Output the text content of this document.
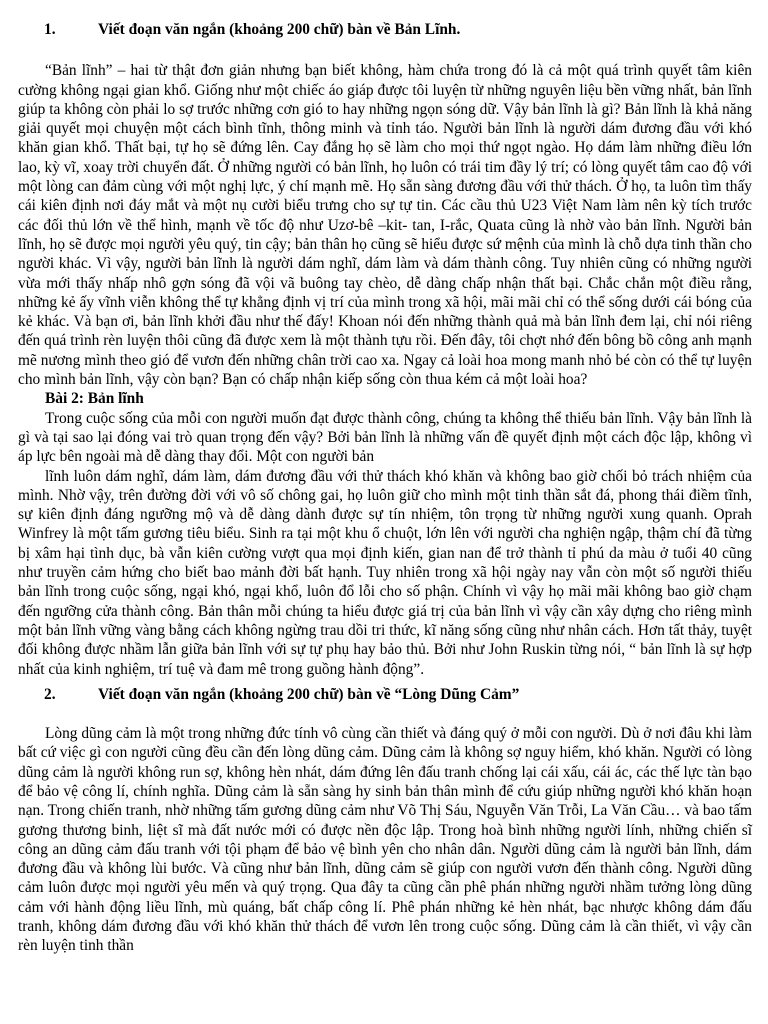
1.	Viết đoạn văn ngắn (khoảng 200 chữ) bàn về Bản Lĩnh.

“Bản lĩnh” – hai từ thật đơn giản nhưng bạn biết không, hàm chứa trong đó là cả một quá trình quyết tâm kiên cường không ngại gian khổ. Giống như một chiếc áo giáp được tôi luyện từ những nguyên liệu bền vững nhất, bản lĩnh giúp ta không còn phải lo sợ trước những cơn gió to hay những ngọn sóng dữ. Vậy bản lĩnh là gì? Bản lĩnh là khả năng giải quyết mọi chuyện một cách bình tĩnh, thông minh và tỉnh táo. Người bản lĩnh là người dám đương đầu với khó khăn gian khổ. Thất bại, tự họ sẽ đứng lên. Cay đắng họ sẽ làm cho mọi thứ ngọt ngào. Họ dám làm những điều lớn lao, kỳ vĩ, xoay trời chuyển đất. Ở những người có bản lĩnh, họ luôn có trái tim đầy lý trí; có lòng quyết tâm cao độ với một lòng can đảm cùng với một nghị lực, ý chí mạnh mẽ. Họ sẵn sàng đương đầu với thử thách. Ở họ, ta luôn tìm thấy cái kiên định nơi đáy mắt và một nụ cười biểu trưng cho sự tự tin. Các cầu thủ U23 Việt Nam làm nên kỳ tích trước các đối thủ lớn về thể hình, mạnh về tốc độ như Uzơ-bê –kit- tan, I-rắc, Quata cũng là nhờ vào bản lĩnh. Người bản lĩnh, họ sẽ được mọi người yêu quý, tin cậy; bản thân họ cũng sẽ hiểu được sứ mệnh của mình là chỗ dựa tinh thần cho người khác. Vì vậy, người bản lĩnh là người dám nghĩ, dám làm và dám thành công. Tuy nhiên cũng có những người vừa mới thấy nhấp nhô gợn sóng đã vội vã buông tay chèo, dễ dàng chấp nhận thất bại. Chắc chắn một điều rằng, những kẻ ấy vĩnh viễn không thể tự khẳng định vị trí của mình trong xã hội, mãi mãi chỉ có thể sống dưới cái bóng của kẻ khác. Và bạn ơi, bản lĩnh khởi đầu như thế đấy! Khoan nói đến những thành quả mà bản lĩnh đem lại, chỉ nói riêng đến quá trình rèn luyện thôi cũng đã được xem là một thành tựu rồi. Đến đây, tôi chợt nhớ đến bông bồ công anh mạnh mẽ nương mình theo gió để vươn đến những chân trời cao xa. Ngay cả loài hoa mong manh nhỏ bé còn có thể tự luyện cho mình bản lĩnh, vậy còn bạn? Bạn có chấp nhận kiếp sống còn thua kém cả một loài hoa?

Bài 2: Bản lĩnh

Trong cuộc sống của mỗi con người muốn đạt được thành công, chúng ta không thể thiếu bản lĩnh. Vậy bản lĩnh là gì và tại sao lại đóng vai trò quan trọng đến vậy? Bởi bản lĩnh là những vấn đề quyết định một cách độc lập, không vì áp lực bên ngoài mà dễ dàng thay đổi. Một con người bản

lĩnh luôn dám nghĩ, dám làm, dám đương đầu với thử thách khó khăn và không bao giờ chối bỏ trách nhiệm của mình. Nhờ vậy, trên đường đời với vô số chông gai, họ luôn giữ cho mình một tinh thần sắt đá, phong thái điềm tĩnh, sự kiên định đáng ngưỡng mộ và dễ dàng dành được sự tín nhiệm, tôn trọng từ những người xung quanh. Oprah Winfrey là một tấm gương tiêu biểu. Sinh ra tại một khu ổ chuột, lớn lên với người cha nghiện ngập, thậm chí đã từng bị xâm hại tình dục, bà vẫn kiên cường vượt qua mọi định kiến, gian nan để trở thành tỉ phú da màu ở tuổi 40 cũng như truyền cảm hứng cho biết bao mảnh đời bất hạnh. Tuy nhiên trong xã hội ngày nay vẫn còn một số người thiếu bản lĩnh trong cuộc sống, ngại khó, ngại khổ, luôn đổ lỗi cho số phận. Chính vì vậy họ mãi mãi không bao giờ chạm đến ngưỡng cửa thành công. Bản thân mỗi chúng ta hiểu được giá trị của bản lĩnh vì vậy cần xây dựng cho riêng mình một bản lĩnh vững vàng bằng cách không ngừng trau dồi tri thức, kĩ năng sống cũng như nhân cách. Hơn tất thảy, tuyệt đối không được nhầm lẫn giữa bản lĩnh với sự tự phụ hay bảo thủ. Bởi như John Ruskin từng nói, “ bản lĩnh là sự hợp nhất của kinh nghiệm, trí tuệ và đam mê trong guồng hành động”.

2.	Viết đoạn văn ngắn (khoảng 200 chữ) bàn về “Lòng Dũng Cảm”

Lòng dũng cảm là một trong những đức tính vô cùng cần thiết và đáng quý ở mỗi con người. Dù ở nơi đâu khi làm bất cứ việc gì con người cũng đều cần đến lòng dũng cảm. Dũng cảm là không sợ nguy hiểm, khó khăn. Người có lòng dũng cảm là người không run sợ, không hèn nhát, dám đứng lên đấu tranh chống lại cái xấu, cái ác, các thế lực tàn bạo để bảo vệ công lí, chính nghĩa. Dũng cảm là sẵn sàng hy sinh bản thân mình để cứu giúp những người khó khăn hoạn nạn. Trong chiến tranh, nhờ những tấm gương dũng cảm như Võ Thị Sáu, Nguyễn Văn Trỗi, La Văn Cầu… và bao tấm gương thương binh, liệt sĩ mà đất nước mới có được nền độc lập. Trong hoà bình những người lính, những chiến sĩ công an dũng cảm đấu tranh với tội phạm để bảo vệ bình yên cho nhân dân. Người dũng cảm là người bản lĩnh, dám đương đầu và không lùi bước. Và cũng như bản lĩnh, dũng cảm sẽ giúp con người vươn đến thành công. Người dũng cảm luôn được mọi người yêu mến và quý trọng. Qua đây ta cũng cần phê phán những người nhầm tưởng lòng dũng cảm với hành động liều lĩnh, mù quáng, bất chấp công lí. Phê phán những kẻ hèn nhát, bạc nhược không dám đấu tranh, không dám đương đầu với khó khăn thử thách để vươn lên trong cuộc sống. Dũng cảm là cần thiết, vì vậy cần rèn luyện tinh thần
